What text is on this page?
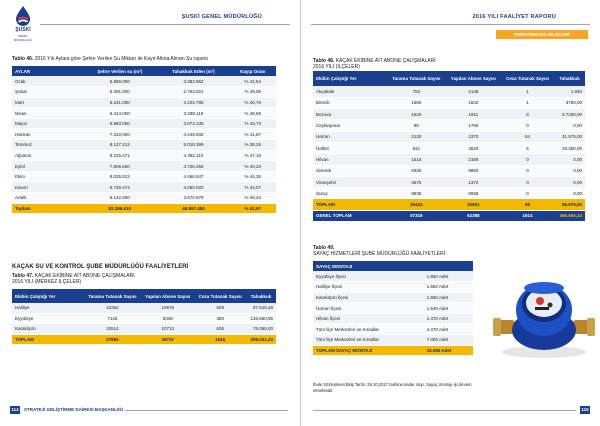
ŞUSKİ
GENEL MÜDÜRLÜĞÜ
ŞUSKİ GENEL MÜDÜRLÜĞÜ
Tablo 46. 2016 Yılı Aylara göre Şehre Verilen Su Miktarı ile Kayıt Altına Alınan Su raporu
AYLAR	Şehre Verilen su (m³)	Tahakkuk Eden (m³)	Kayıp Oranı
Ocak	5.889.000	3.383.952	% 42,54
Şubat	5.391.000	2.763.021	% 48,06
Mart	5.241.000	3.104.785	% 40,76
Nisan	6.414.000	3.298.110	% 48,58
Mayıs	6.883.000	3.873.139	% 43,73
Haziran	7.310.000	4.249.932	% 41,87
Temmuz	8.127.212	5.018.399	% 38,26
Ağustos	8.315.471	4.392.110	% 47,19
Eylül	7.906.650	4.726.456	% 40,23
Ekim	8.025.812	4.466.547	% 44,35
Kasım	6.749.474	4.050.020	% 34,07
Aralık	6.142.000	3.670.979	% 40,24
Toplam	82.396.619	46.997.450	% 42,97
KAÇAK SU VE KONTROL ŞUBE MÜDÜRLÜĞÜ FAALİYETLERİ
Tablo 47. KAÇAK EKİBİNE AİT ABONE ÇALIŞMALARI
2016 YILI (MERKEZ İLÇELER)
Ekibin Çalıştığı Yer	Tarama Tutanak Sayısı	Yapılan Abone Sayısı	Ceza Tutanak Sayısı	Tahakkuk
Haliliye	10252	10676	529	87.515,48
Eyyübiye	7126	8348	350	136.650,95
Karaköprü	10514	10713	636	75.065,00
TOPLAM	27892	29737	1515	299.231,43
114	STRATEJİ GELİŞTİRME DAİRESİ BAŞKANLIĞI
2016 YILI FAALİYET RAPORU
PERFORMANS BİLGİLERİ
Tablo 48. KAÇAK EKİBİNE AİT ABONE ÇALIŞMALARI
2016 YILI (İLÇELER)
Ekibin Çalıştığı Yer	Tarama Tutanak Sayısı	Yapılan Abone Sayısı	Ceza Tutanak Sayısı	Tahakkuk
Akçakale	753	2148	1	1.650
Birecik	1860	1842	1	3750,00
Bozova	1520	1911	8	3.7250,00
Ceylanpınar	80	1765	0	0,00
Harran	2120	2370	84	31.575,00
Halfeti	841	3634	5	29.250,00
Hilvan	1515	2168	0	0,00
Siverek	8325	8883	0	0,00
Viranşehir	3575	1372	0	0,00
Suruç	8835	6558	0	0,00
TOPLAM	29424	32651	99	66.575,00
GENEL TOPLAM	57316	62388	1614	365.806,43
Tablo 49.
SAYAÇ HİZMETLERİ ŞUBE MÜDÜRLÜĞÜ FAALİYETLERİ
SAYAÇ MONTAJI	
Eyyübiye İlçesi	1.650 Adet
Haliliye İlçesi	1.650 Adet
Karaköprü İlçesi	1.650 Adet
Harran İlçesi	1.645 Adet
Hilvan İlçesi	1.470 Adet
Tüm İlçe Merkezleri ve Kırsallar	4.470 Adet
Tüm İlçe Merkezleri ve Kırsallar	7.000 Adet
TOPLAM SAYAÇ MONTAJI	15.065 Adet
İhale Sözleşmesi Bitiş Tarihi: 29.10.2017 tarihine kadar olup, Sayaç montajı işi devam etmektedir.
115
